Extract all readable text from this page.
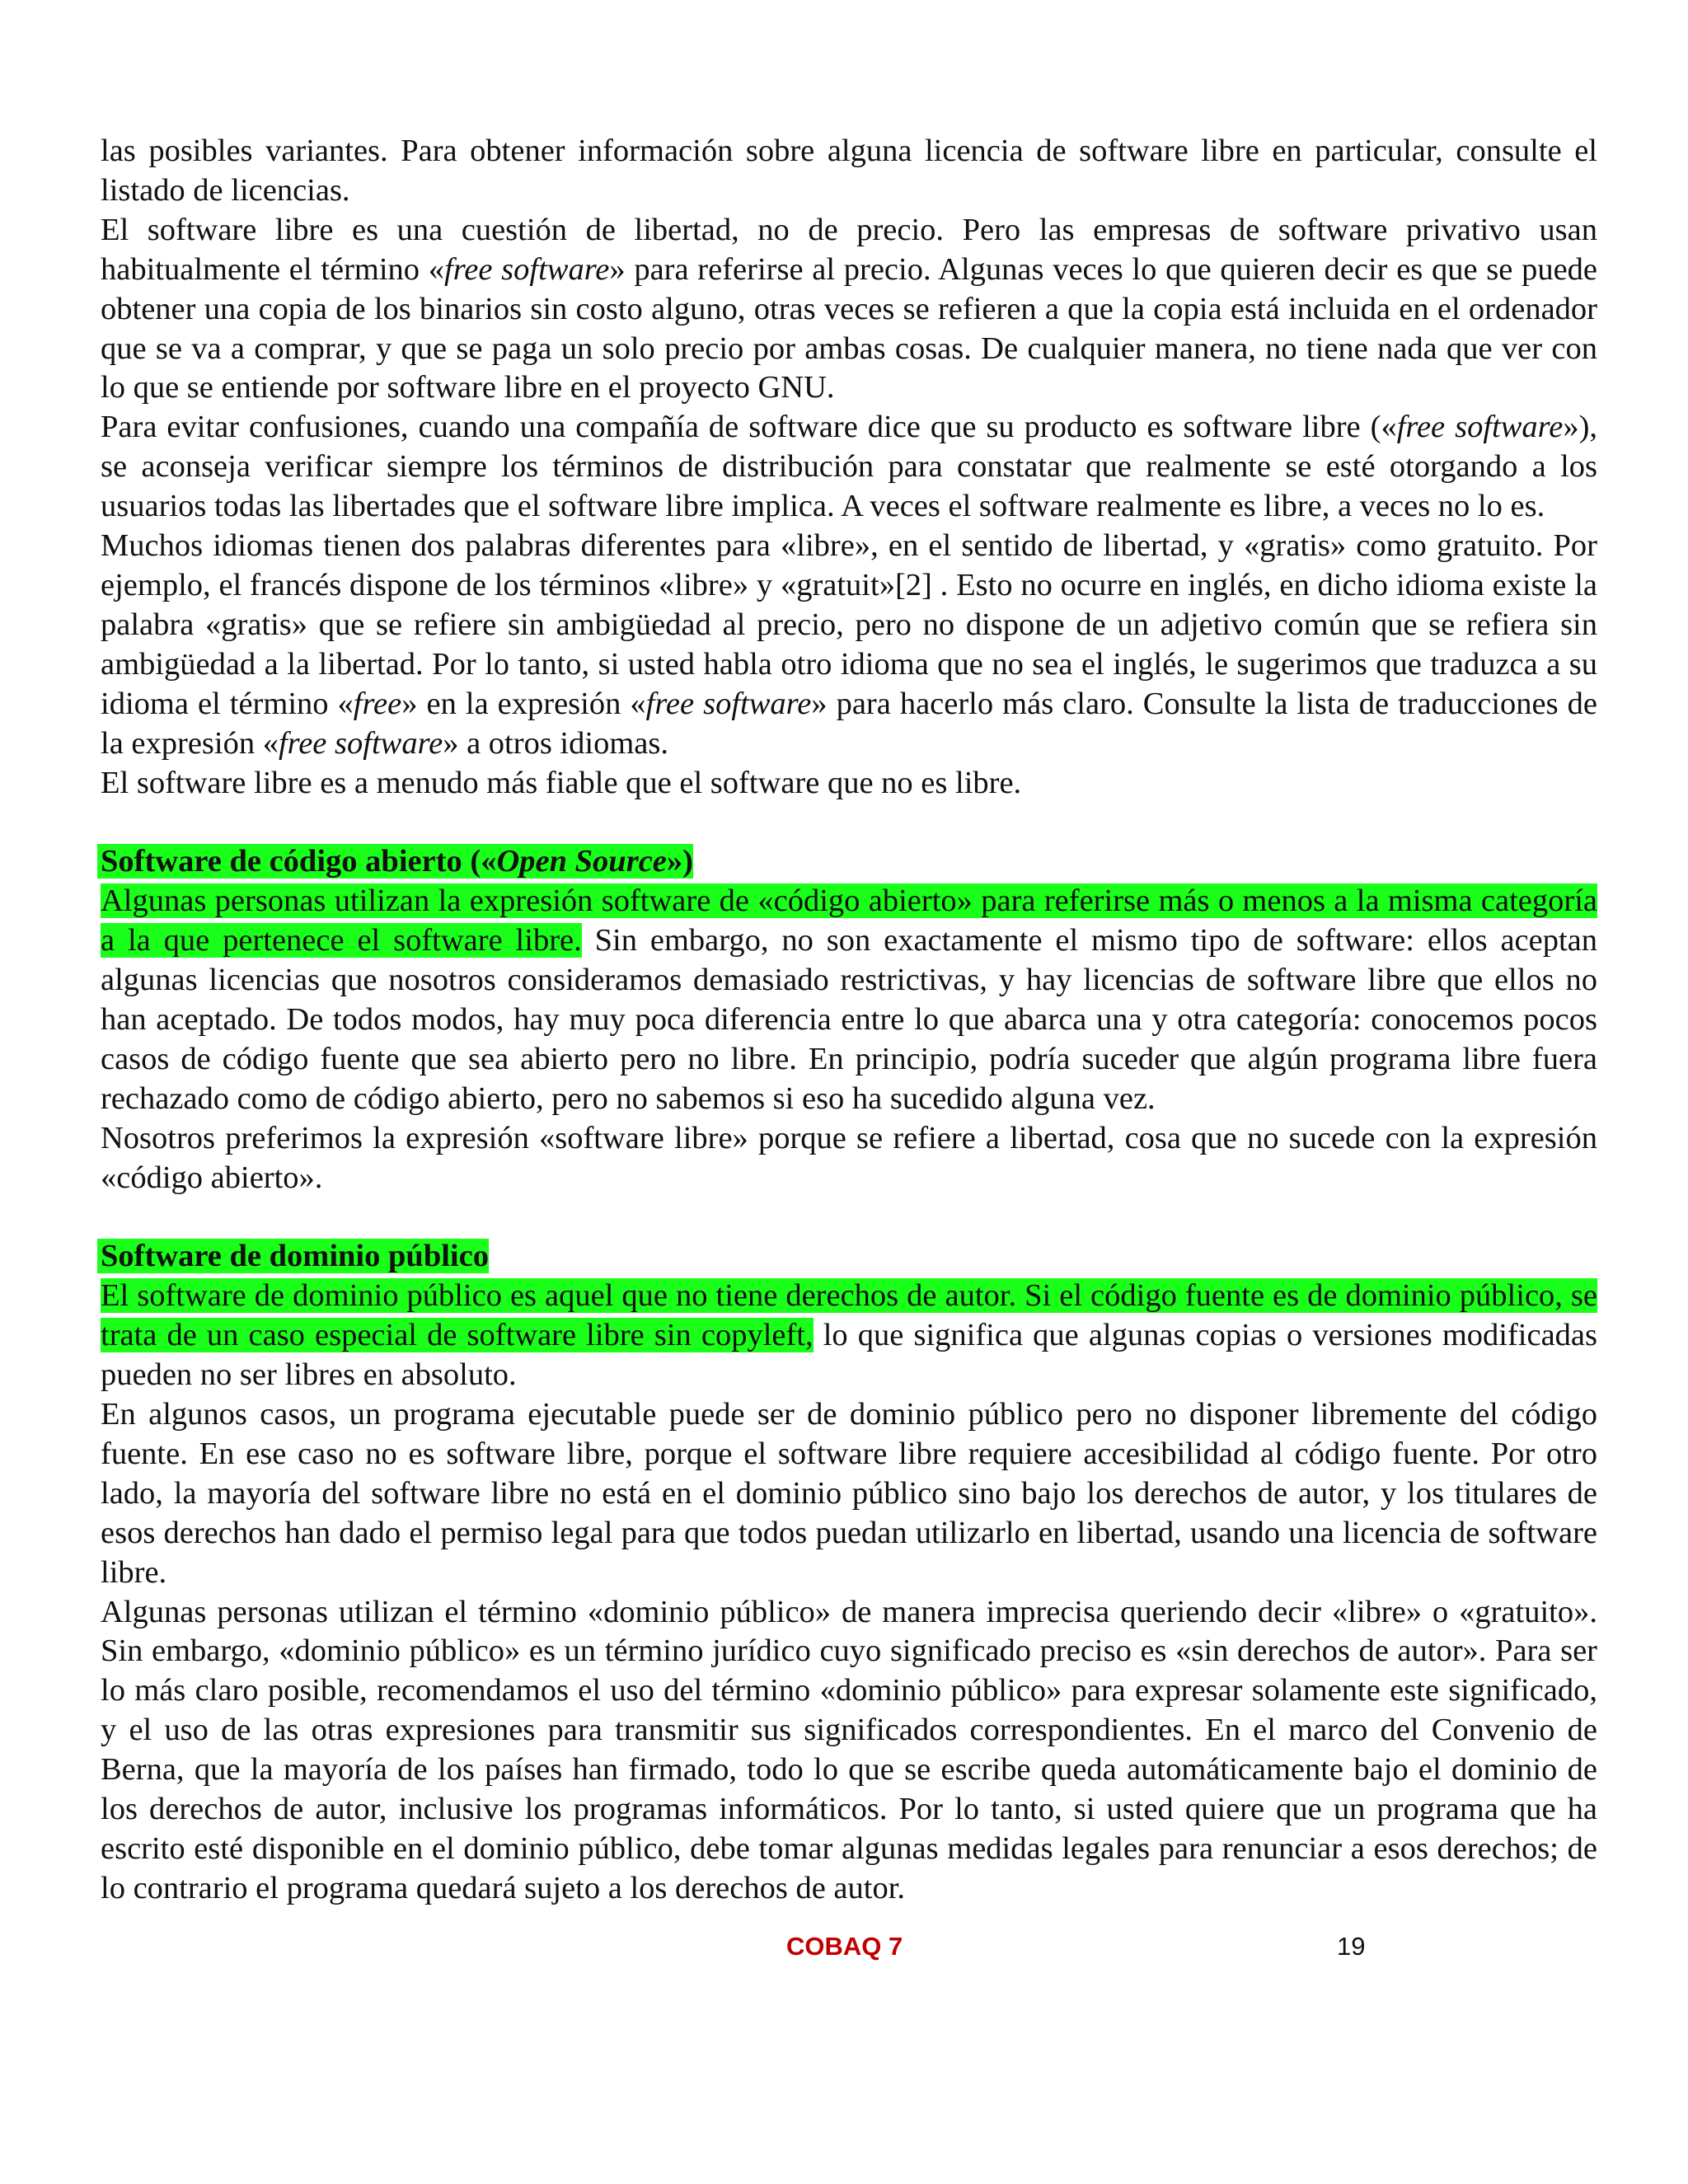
las posibles variantes. Para obtener información sobre alguna licencia de software libre en particular, consulte el listado de licencias.

El software libre es una cuestión de libertad, no de precio. Pero las empresas de software privativo usan habitualmente el término «free software» para referirse al precio. Algunas veces lo que quieren decir es que se puede obtener una copia de los binarios sin costo alguno, otras veces se refieren a que la copia está incluida en el ordenador que se va a comprar, y que se paga un solo precio por ambas cosas. De cualquier manera, no tiene nada que ver con lo que se entiende por software libre en el proyecto GNU.

Para evitar confusiones, cuando una compañía de software dice que su producto es software libre («free software»), se aconseja verificar siempre los términos de distribución para constatar que realmente se esté otorgando a los usuarios todas las libertades que el software libre implica. A veces el software realmente es libre, a veces no lo es.

Muchos idiomas tienen dos palabras diferentes para «libre», en el sentido de libertad, y «gratis» como gratuito. Por ejemplo, el francés dispone de los términos «libre» y «gratuit»[2] . Esto no ocurre en inglés, en dicho idioma existe la palabra «gratis» que se refiere sin ambigüedad al precio, pero no dispone de un adjetivo común que se refiera sin ambigüedad a la libertad. Por lo tanto, si usted habla otro idioma que no sea el inglés, le sugerimos que traduzca a su idioma el término «free» en la expresión «free software» para hacerlo más claro. Consulte la lista de traducciones de la expresión «free software» a otros idiomas.

El software libre es a menudo más fiable que el software que no es libre.

Software de código abierto («Open Source»)

Algunas personas utilizan la expresión software de «código abierto» para referirse más o menos a la misma categoría a la que pertenece el software libre. Sin embargo, no son exactamente el mismo tipo de software: ellos aceptan algunas licencias que nosotros consideramos demasiado restrictivas, y hay licencias de software libre que ellos no han aceptado. De todos modos, hay muy poca diferencia entre lo que abarca una y otra categoría: conocemos pocos casos de código fuente que sea abierto pero no libre. En principio, podría suceder que algún programa libre fuera rechazado como de código abierto, pero no sabemos si eso ha sucedido alguna vez.

Nosotros preferimos la expresión «software libre» porque se refiere a libertad, cosa que no sucede con la expresión «código abierto».

Software de dominio público

El software de dominio público es aquel que no tiene derechos de autor. Si el código fuente es de dominio público, se trata de un caso especial de software libre sin copyleft, lo que significa que algunas copias o versiones modificadas pueden no ser libres en absoluto.

En algunos casos, un programa ejecutable puede ser de dominio público pero no disponer libremente del código fuente. En ese caso no es software libre, porque el software libre requiere accesibilidad al código fuente. Por otro lado, la mayoría del software libre no está en el dominio público sino bajo los derechos de autor, y los titulares de esos derechos han dado el permiso legal para que todos puedan utilizarlo en libertad, usando una licencia de software libre.

Algunas personas utilizan el término «dominio público» de manera imprecisa queriendo decir «libre» o «gratuito». Sin embargo, «dominio público» es un término jurídico cuyo significado preciso es «sin derechos de autor». Para ser lo más claro posible, recomendamos el uso del término «dominio público» para expresar solamente este significado, y el uso de las otras expresiones para transmitir sus significados correspondientes. En el marco del Convenio de Berna, que la mayoría de los países han firmado, todo lo que se escribe queda automáticamente bajo el dominio de los derechos de autor, inclusive los programas informáticos. Por lo tanto, si usted quiere que un programa que ha escrito esté disponible en el dominio público, debe tomar algunas medidas legales para renunciar a esos derechos; de lo contrario el programa quedará sujeto a los derechos de autor.

COBAQ 7	19
